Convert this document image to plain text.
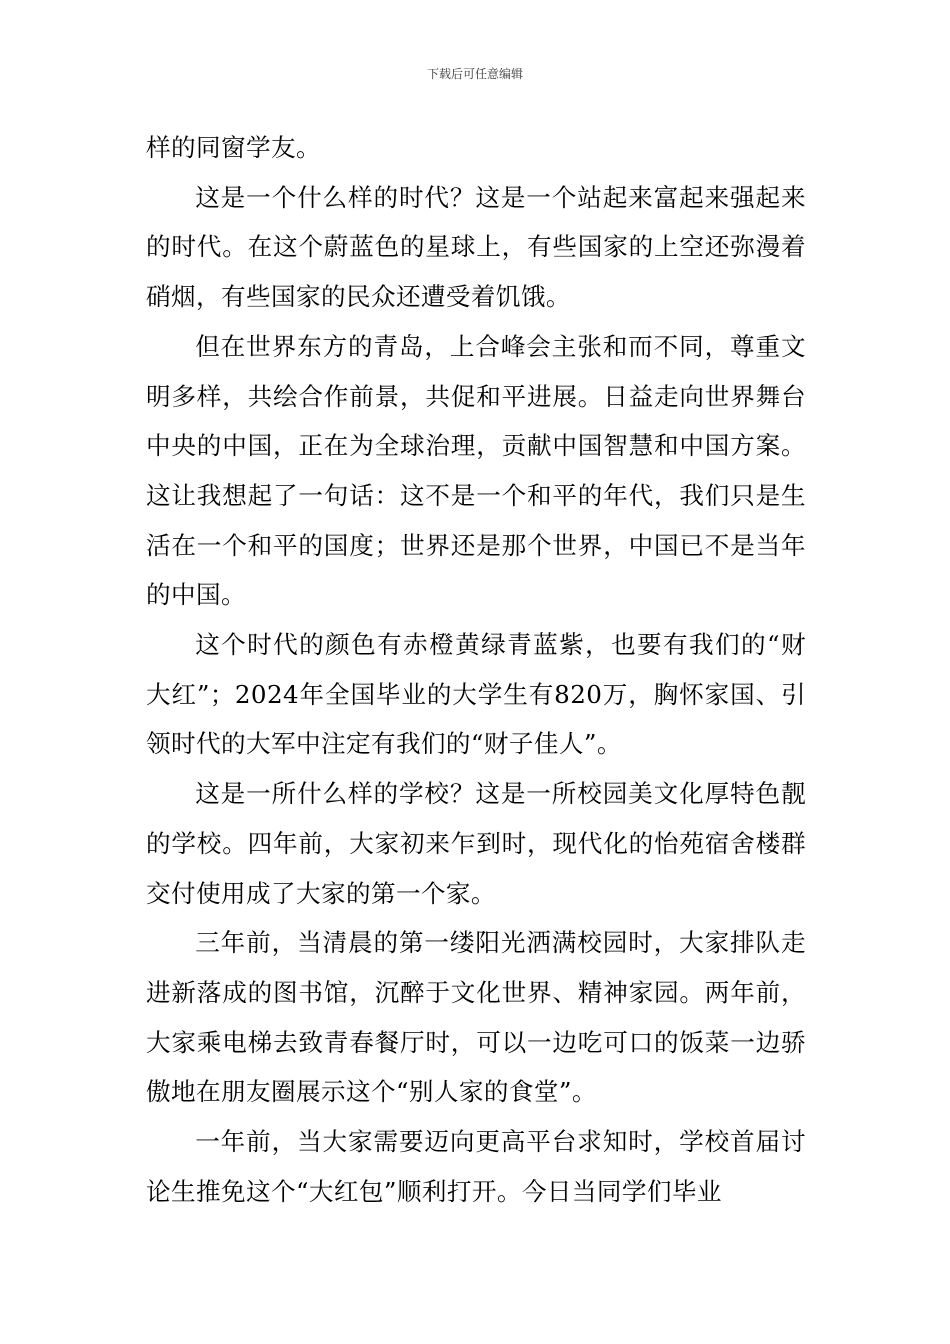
下载后可任意编辑

样的同窗学友。

这是一个什么样的时代？这是一个站起来富起来强起来的时代。在这个蔚蓝色的星球上，有些国家的上空还弥漫着硝烟，有些国家的民众还遭受着饥饿。

但在世界东方的青岛，上合峰会主张和而不同，尊重文明多样，共绘合作前景，共促和平进展。日益走向世界舞台中央的中国，正在为全球治理，贡献中国智慧和中国方案。这让我想起了一句话：这不是一个和平的年代，我们只是生活在一个和平的国度；世界还是那个世界，中国已不是当年的中国。

这个时代的颜色有赤橙黄绿青蓝紫，也要有我们的“财大红”；2024年全国毕业的大学生有820万，胸怀家国、引领时代的大军中注定有我们的“财子佳人”。

这是一所什么样的学校？这是一所校园美文化厚特色靓的学校。四年前，大家初来乍到时，现代化的怡苑宿舍楼群交付使用成了大家的第一个家。

三年前，当清晨的第一缕阳光洒满校园时，大家排队走进新落成的图书馆，沉醉于文化世界、精神家园。两年前，大家乘电梯去致青春餐厅时，可以一边吃可口的饭菜一边骄傲地在朋友圈展示这个“别人家的食堂”。

一年前，当大家需要迈向更高平台求知时，学校首届讨论生推免这个“大红包”顺利打开。今日当同学们毕业
